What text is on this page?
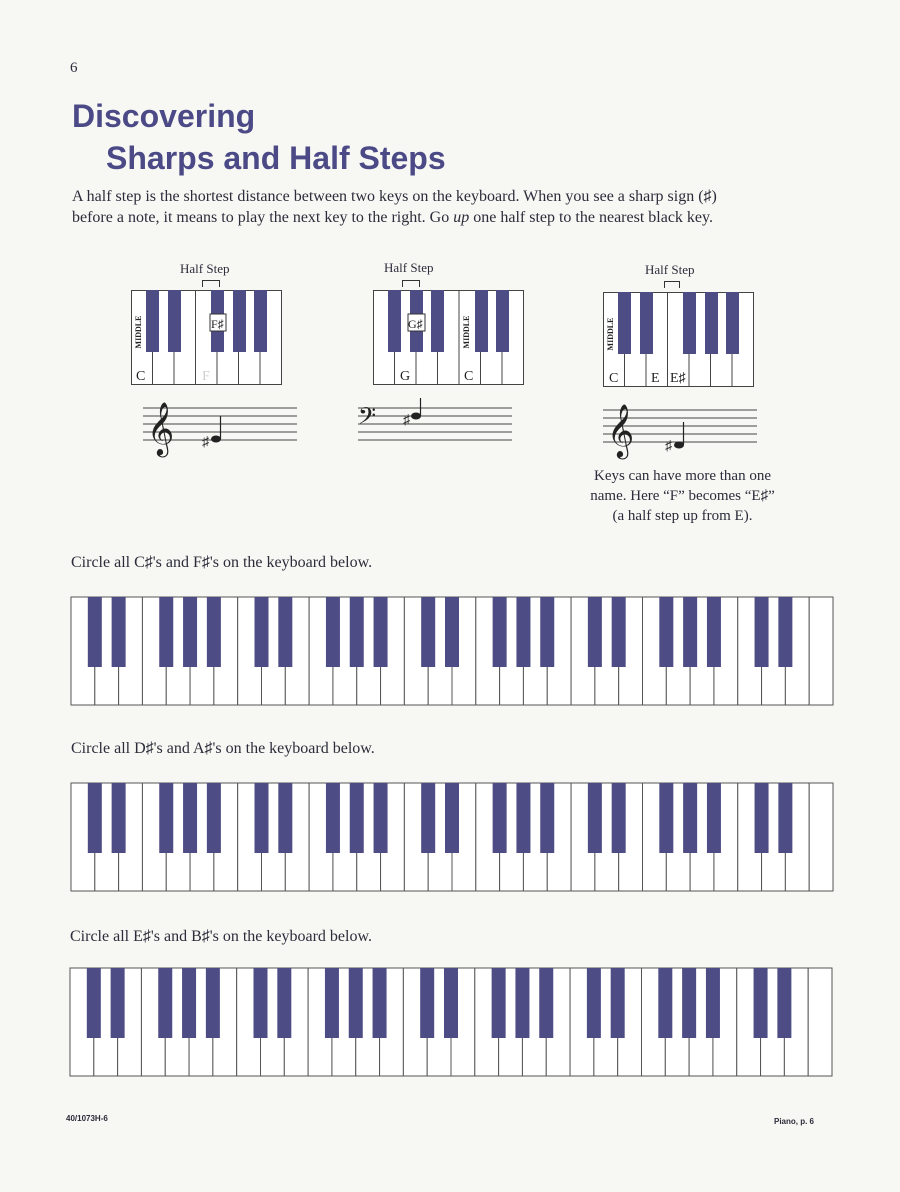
6
Discovering
Sharps and Half Steps
A half step is the shortest distance between two keys on the keyboard. When you see a sharp sign (♯)
before a note, it means to play the next key to the right. Go up one half step to the nearest black key.
Half Step
MIDDLE
C	F
F♯
𝄞 ♯
Half Step
MIDDLE
G	C
G♯
𝄢 ♯
Half Step
MIDDLE
C E E♯
𝄞 ♯
Keys can have more than one
name. Here “F” becomes “E♯”
(a half step up from E).
Circle all C♯'s and F♯'s on the keyboard below.
Circle all D♯'s and A♯'s on the keyboard below.
Circle all E♯'s and B♯'s on the keyboard below.
40/1073H-6	Piano, p. 6
